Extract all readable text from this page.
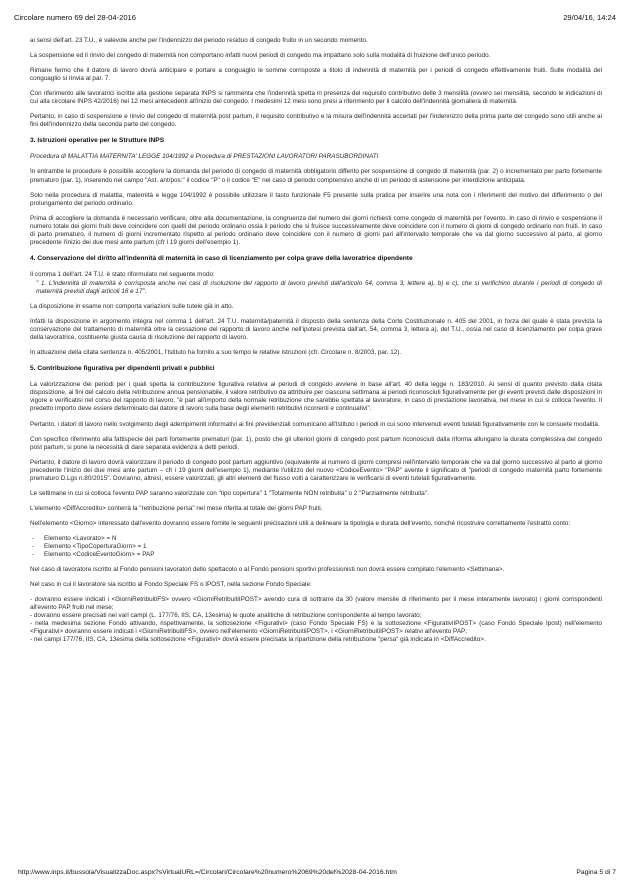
Circolare numero 69 del 28-04-2016	29/04/16, 14:24

ai sensi dell'art. 23 T.U., è valevole anche per l'indennizzo del periodo residuo di congedo fruito in un secondo momento.

La sospensione ed il rinvio del congedo di maternità non comportano infatti nuovi periodi di congedo ma impattano solo sulla modalità di fruizione dell'unico periodo.

Rimane fermo che il datore di lavoro dovrà anticipare e portare a conguaglio le somme corrisposte a titolo di indennità di maternità per i periodi di congedo effettivamente fruiti. Sulle modalità del conguaglio si rinvia al par. 7.

Con riferimento alle lavoratrici iscritte alla gestione separata INPS si rammenta che l'indennità spetta in presenza del requisito contributivo delle 3 mensilità (ovvero sei mensilità, secondo le indicazioni di cui alla circolare INPS 42/2016) nei 12 mesi antecedenti all'inizio del congedo. I medesimi 12 mesi sono presi a riferimento per il calcolo dell'indennità giornaliera di maternità.

Pertanto, in caso di sospensione e rinvio del congedo di maternità post partum, il requisito contributivo e la misura dell'indennità accertati per l'indennizzo della prima parte del congedo sono utili anche ai fini dell'indennizzo della seconda parte del congedo.

3. Istruzioni operative per le Strutture INPS
Procedura di MALATTIA MATERNITA' LEGGE 104/1992 e Procedura di PRESTAZIONI LAVORATORI PARASUBORDINATI

In entrambe le procedure è possibile accogliere la domanda del periodo di congedo di maternità obbligatorio differito per sospensione di congedo di maternità (par. 2) o incrementato per parto fortemente prematuro (par. 1), inserendo nel campo "Ast. ant/pos:" il codice "P" o il codice "E" nel caso di periodo comprensivo anche di un periodo di astensione per interdizione anticipata.

Solo nella procedura di malattia, maternità e legge 104/1992 è possibile utilizzare il tasto funzionale F5 presente sulla pratica per inserire una nota con i riferimenti del motivo del differimento o del prolungamento del periodo ordinario.

Prima di accogliere la domanda è necessario verificare, oltre alla documentazione, la congruenza del numero dei giorni richiesti come congedo di maternità per l'evento. In caso di rinvio e sospensione il numero totale dei giorni fruiti deve coincidere con quelli del periodo ordinario ossia il periodo che si fruisce successivamente deve coincidere con il numero di giorni di congedo ordinario non fruiti. In caso di parto prematuro, il numero di giorni incrementato rispetto al periodo ordinario deve coincidere con il numero di giorni pari all'intervallo temporale che va dal giorno successivo al parto, al giorno precedente l'inizio dei due mesi ante partum (cfr l 19 giorni dell'esempio 1).

4. Conservazione del diritto all'indennità di maternità in caso di licenziamento per colpa grave della lavoratrice dipendente

Il comma 1 dell'art. 24 T.U. è stato riformulato nel seguente modo:

" 1. L'indennità di maternità è corrisposta anche nei casi di risoluzione del rapporto di lavoro previsti dall'articolo 54, comma 3, lettere a), b) e c), che si verifichino durante i periodi di congedo di maternità previsti dagli articoli 16 e 17".

La disposizione in esame non comporta variazioni sulle tutele già in atto.

Infatti la disposizione in argomento integra nel comma 1 dell'art. 24 T.U. maternità/paternità il disposto della sentenza della Corte Costituzionale n. 405 del 2001, in forza del quale è stata prevista la conservazione del trattamento di maternità oltre la cessazione del rapporto di lavoro anche nell'ipotesi prevista dall'art. 54, comma 3, lettera a), del T.U., ossia nel caso di licenziamento per colpa grave della lavoratrice, costituente giusta causa di risoluzione del rapporto di lavoro.

In attuazione della citata sentenza n. 405/2001, l'Istituto ha fornito a suo tempo le relative istruzioni (cfr. Circolare n. 8/2003, par. 12).

5. Contribuzione figurativa per dipendenti privati e pubblici

La valorizzazione dei periodi per i quali spetta la contribuzione figurativa relativa ai periodi di congedo avviene in base all'art. 40 della legge n. 183/2010. Ai sensi di quanto previsto dalla citata disposizione, ai fini del calcolo della retribuzione annua pensionabile, il valore retributivo da attribuire per ciascuna settimana ai periodi riconosciuti figurativamente per gli eventi previsti dalle disposizioni in vigore e verificatisi nel corso del rapporto di lavoro, "è pari all'importo della normale retribuzione che sarebbe spettata al lavoratore, in caso di prestazione lavorativa, nel mese in cui si colloca l'evento. Il predetto importo deve essere determinato dal datore di lavoro sulla base degli elementi retributivi ricorrenti e continuativi".

Pertanto, i datori di lavoro nello svolgimento degli adempimenti informativi ai fini previdenziali comunicano all'Istituto i periodi in cui sono intervenuti eventi tutelati figurativamente con le consuete modalità.

Con specifico riferimento alla fattispecie dei parti fortemente prematuri (par. 1), posto che gli ulteriori giorni di congedo post partum riconosciuti dalla riforma allungano la durata complessiva del congedo post partum, si pone la necessità di dare separata evidenza a detti periodi.

Pertanto, il datore di lavoro dovrà valorizzare il periodo di congedo post partum aggiuntivo (equivalente al numero di giorni compresi nell'intervallo temporale che va dal giorno successivo al parto al giorno precedente l'inizio dei due mesi ante partum – cfr i 19 giorni dell'esempio 1), mediante l'utilizzo del nuovo <CodiceEvento> "PAP" avente il significato di "periodi di congedo maternità parto fortemente prematuro D.Lgs n.80/2015". Dovranno, altresì, essere valorizzati, gli altri elementi del flusso volti a caratterizzare le verificarsi di eventi tutelati figurativamente.

Le settimane in cui si colloca l'evento PAP saranno valorizzate con "tipo copertura" 1 "Totalmente NON retribuita" o 2 "Parzialmente retribuita".

L'elemento <DiffAccredito> conterrà la "retribuzione persa" nel mese riferita al totale dei giorni PAP fruiti.

Nell'elemento <Giorno> interessato dall'evento dovranno essere fornite le seguenti precisazioni utili a delineare la tipologia e durata dell'evento, nonché ricostruire correttamente l'estratto conto:

- Elemento <Lavorato> = N
- Elemento <TipoCoperturaGiorn> = 1
- Elemento <CodiceEventoGiorn> = PAP

Nel caso di lavoratore iscritto al Fondo pensioni lavoratori dello spettacolo o al Fondo pensioni sportivi professionisti non dovrà essere compilato l'elemento <Settimana>.

Nel caso in cui il lavoratore sia iscritto al Fondo Speciale FS o IPOST, nella sezione Fondo Speciale:

- dovranno essere indicati i <GiorniRetribuitiFS> ovvero <GiorniRetribuitiIPOST> avendo cura di sottrarre da 30 (valore mensile di riferimento per il mese interamente lavorato) i giorni corrispondenti all'evento PAP fruiti nel mese;

- dovranno essere precisati nei vari campi (L. 177/76, IIS, CA, 13esima) le quote analitiche di retribuzione corrispondente al tempo lavorato;

- nella medesima sezione Fondo attivando, rispettivamente, la sottosezione <Figurativi> (caso Fondo Speciale FS) e la sottosezione <FigurativiIPOST> (caso Fondo Speciale Ipost) nell'elemento <Figurativi> dovranno essere indicati i <GiorniRetribuitiFS>, ovvero nell'elemento <GiorniRetribuitiIPOST>, i <GiorniRetribuitiIPOST> relativi all'evento PAP;

- nei campi 177/76, IIS, CA, 13esima della sottosezione <Figurativi> dovrà essere precisata la ripartizione della retribuzione "persa" già indicata in <DiffAccredito>.

http://www.inps.it/bussola/VisualizzaDoc.aspx?sVirtualURL=/Circolari/Circolare%20numero%2069%20del%2028-04-2016.htm	Pagina 5 di 7
